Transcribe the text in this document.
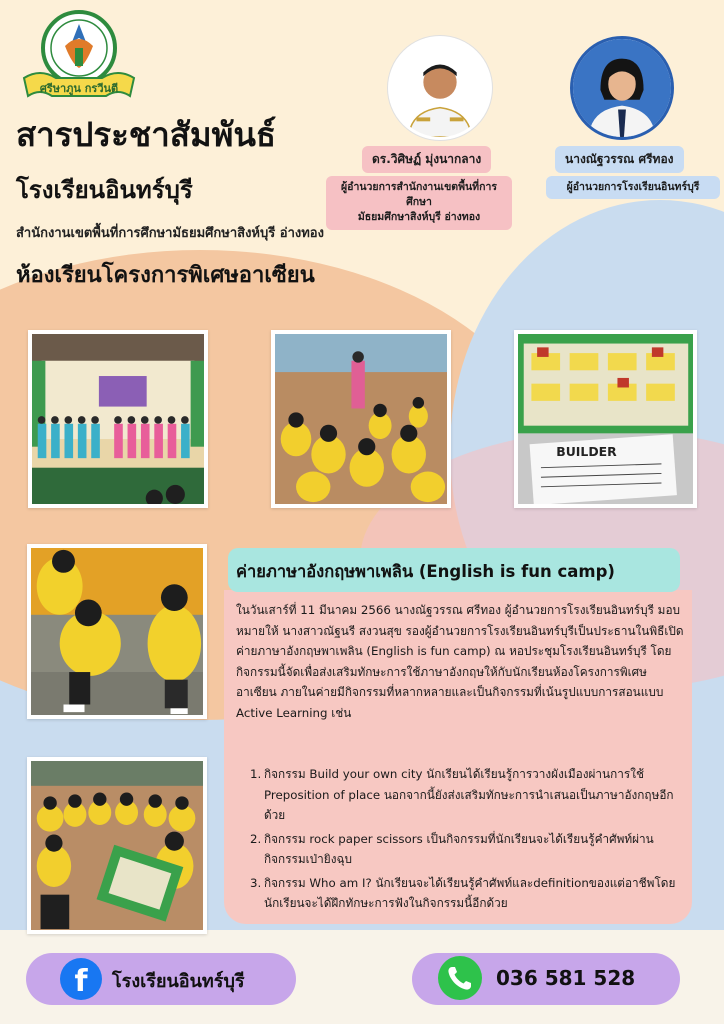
ศรีษาภูน กรวีนตี
สารประชาสัมพันธ์
โรงเรียนอินทร์บุรี
สำนักงานเขตพื้นที่การศึกษามัธยมศึกษาสิงห์บุรี อ่างทอง
ห้องเรียนโครงการพิเศษอาเซียน
ดร.วิศิษฏ์ มุ่งนากลาง
ผู้อำนวยการสำนักงานเขตพื้นที่การศึกษา
มัธยมศึกษาสิงห์บุรี อ่างทอง
นางณัฐวรรณ ศรีทอง
ผู้อำนวยการโรงเรียนอินทร์บุรี
BUILDER
ค่ายภาษาอังกฤษพาเพลิน (English is fun camp)

ในวันเสาร์ที่ 11 มีนาคม 2566 นางณัฐวรรณ ศรีทอง ผู้อำนวยการโรงเรียนอินทร์บุรี มอบหมายให้ นางสาวณัฐนรี สงวนสุข รองผู้อำนวยการโรงเรียนอินทร์บุรีเป็นประธานในพิธีเปิด ค่ายภาษาอังกฤษพาเพลิน (English is fun camp) ณ หอประชุมโรงเรียนอินทร์บุรี โดยกิจกรรมนี้จัดเพื่อส่งเสริมทักษะการใช้ภาษาอังกฤษให้กับนักเรียนห้องโครงการพิเศษอาเซียน ภายในค่ายมีกิจกรรมที่หลากหลายและเป็นกิจกรรมที่เน้นรูปแบบการสอนแบบ Active Learning เช่น

1. กิจกรรม Build your own city นักเรียนได้เรียนรู้การวางผังเมืองผ่านการใช้ Preposition of place นอกจากนี้ยังส่งเสริมทักษะการนำเสนอเป็นภาษาอังกฤษอีกด้วย
2. กิจกรรม rock paper scissors เป็นกิจกรรมที่นักเรียนจะได้เรียนรู้คำศัพท์ผ่านกิจกรรมเป่ายิงฉุบ
3. กิจกรรม Who am I? นักเรียนจะได้เรียนรู้คำศัพท์และdefinitionของแต่อาชีพโดยนักเรียนจะได้ฝึกทักษะการฟังในกิจกรรมนี้อีกด้วย
f	โรงเรียนอินทร์บุรี	036 581 528
